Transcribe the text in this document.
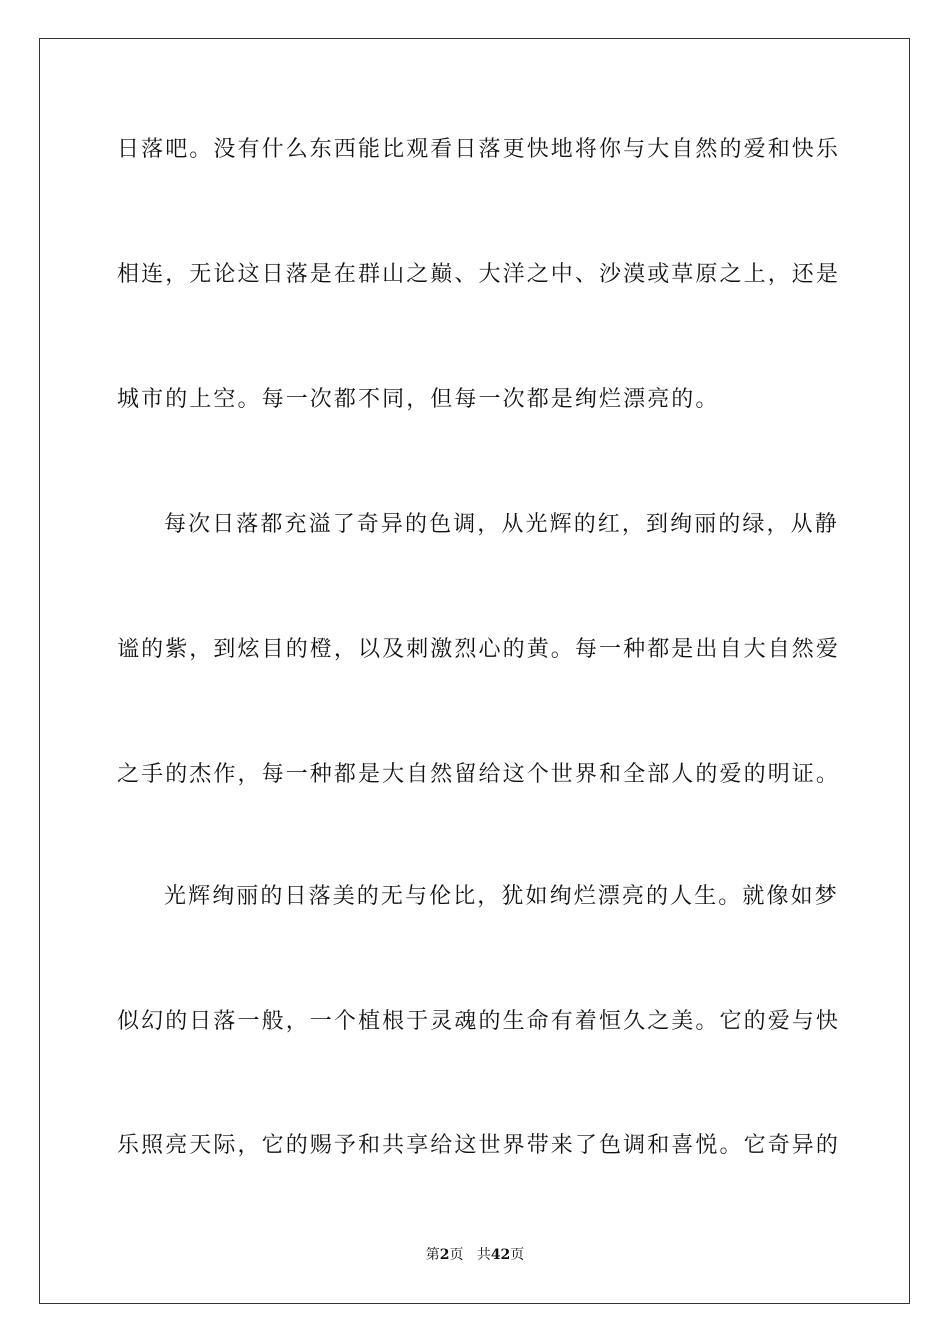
日落吧。没有什么东西能比观看日落更快地将你与大自然的爱和快乐
相连，无论这日落是在群山之巅、大洋之中、沙漠或草原之上，还是
城市的上空。每一次都不同，但每一次都是绚烂漂亮的。
每次日落都充溢了奇异的色调，从光辉的红，到绚丽的绿，从静
谧的紫，到炫目的橙，以及刺激烈心的黄。每一种都是出自大自然爱
之手的杰作，每一种都是大自然留给这个世界和全部人的爱的明证。
光辉绚丽的日落美的无与伦比，犹如绚烂漂亮的人生。就像如梦
似幻的日落一般，一个植根于灵魂的生命有着恒久之美。它的爱与快
乐照亮天际，它的赐予和共享给这世界带来了色调和喜悦。它奇异的
第2页 共42页
